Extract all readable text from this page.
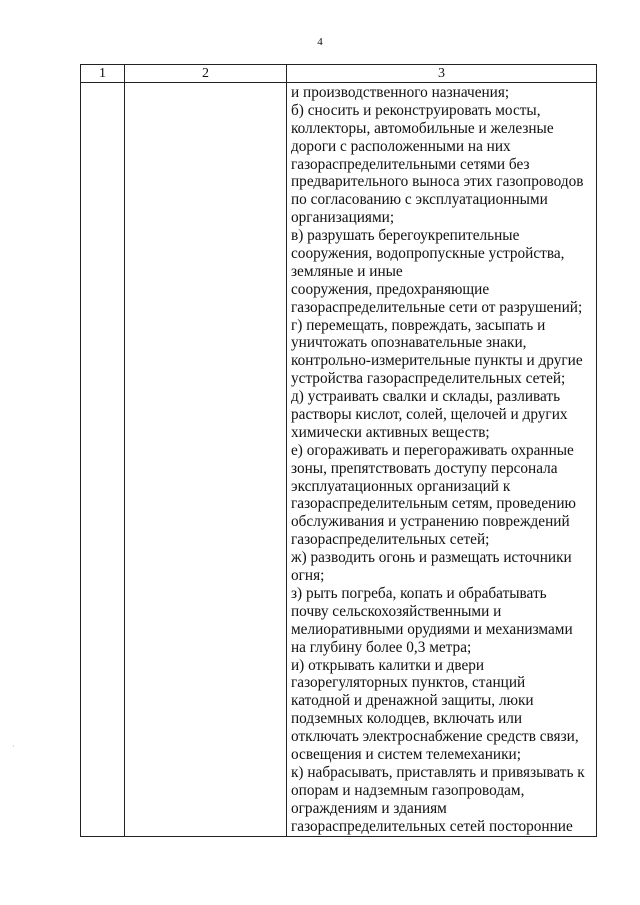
4
1	2	3
и производственного назначения;
б) сносить и реконструировать мосты,
коллекторы, автомобильные и железные
дороги с расположенными на них
газораспределительными сетями без
предварительного выноса этих газопроводов
по согласованию с эксплуатационными
организациями;
в) разрушать берегоукрепительные
сооружения, водопропускные устройства,
земляные и иные
сооружения, предохраняющие
газораспределительные сети от разрушений;
г) перемещать, повреждать, засыпать и
уничтожать опознавательные знаки,
контрольно-измерительные пункты и другие
устройства газораспределительных сетей;
д) устраивать свалки и склады, разливать
растворы кислот, солей, щелочей и других
химически активных веществ;
е) огораживать и перегораживать охранные
зоны, препятствовать доступу персонала
эксплуатационных организаций к
газораспределительным сетям, проведению
обслуживания и устранению повреждений
газораспределительных сетей;
ж) разводить огонь и размещать источники
огня;
з) рыть погреба, копать и обрабатывать
почву сельскохозяйственными и
мелиоративными орудиями и механизмами
на глубину более 0,3 метра;
и) открывать калитки и двери
газорегуляторных пунктов, станций
катодной и дренажной защиты, люки
подземных колодцев, включать или
отключать электроснабжение средств связи,
освещения и систем телемеханики;
к) набрасывать, приставлять и привязывать к
опорам и надземным газопроводам,
ограждениям и зданиям
газораспределительных сетей посторонние
·
